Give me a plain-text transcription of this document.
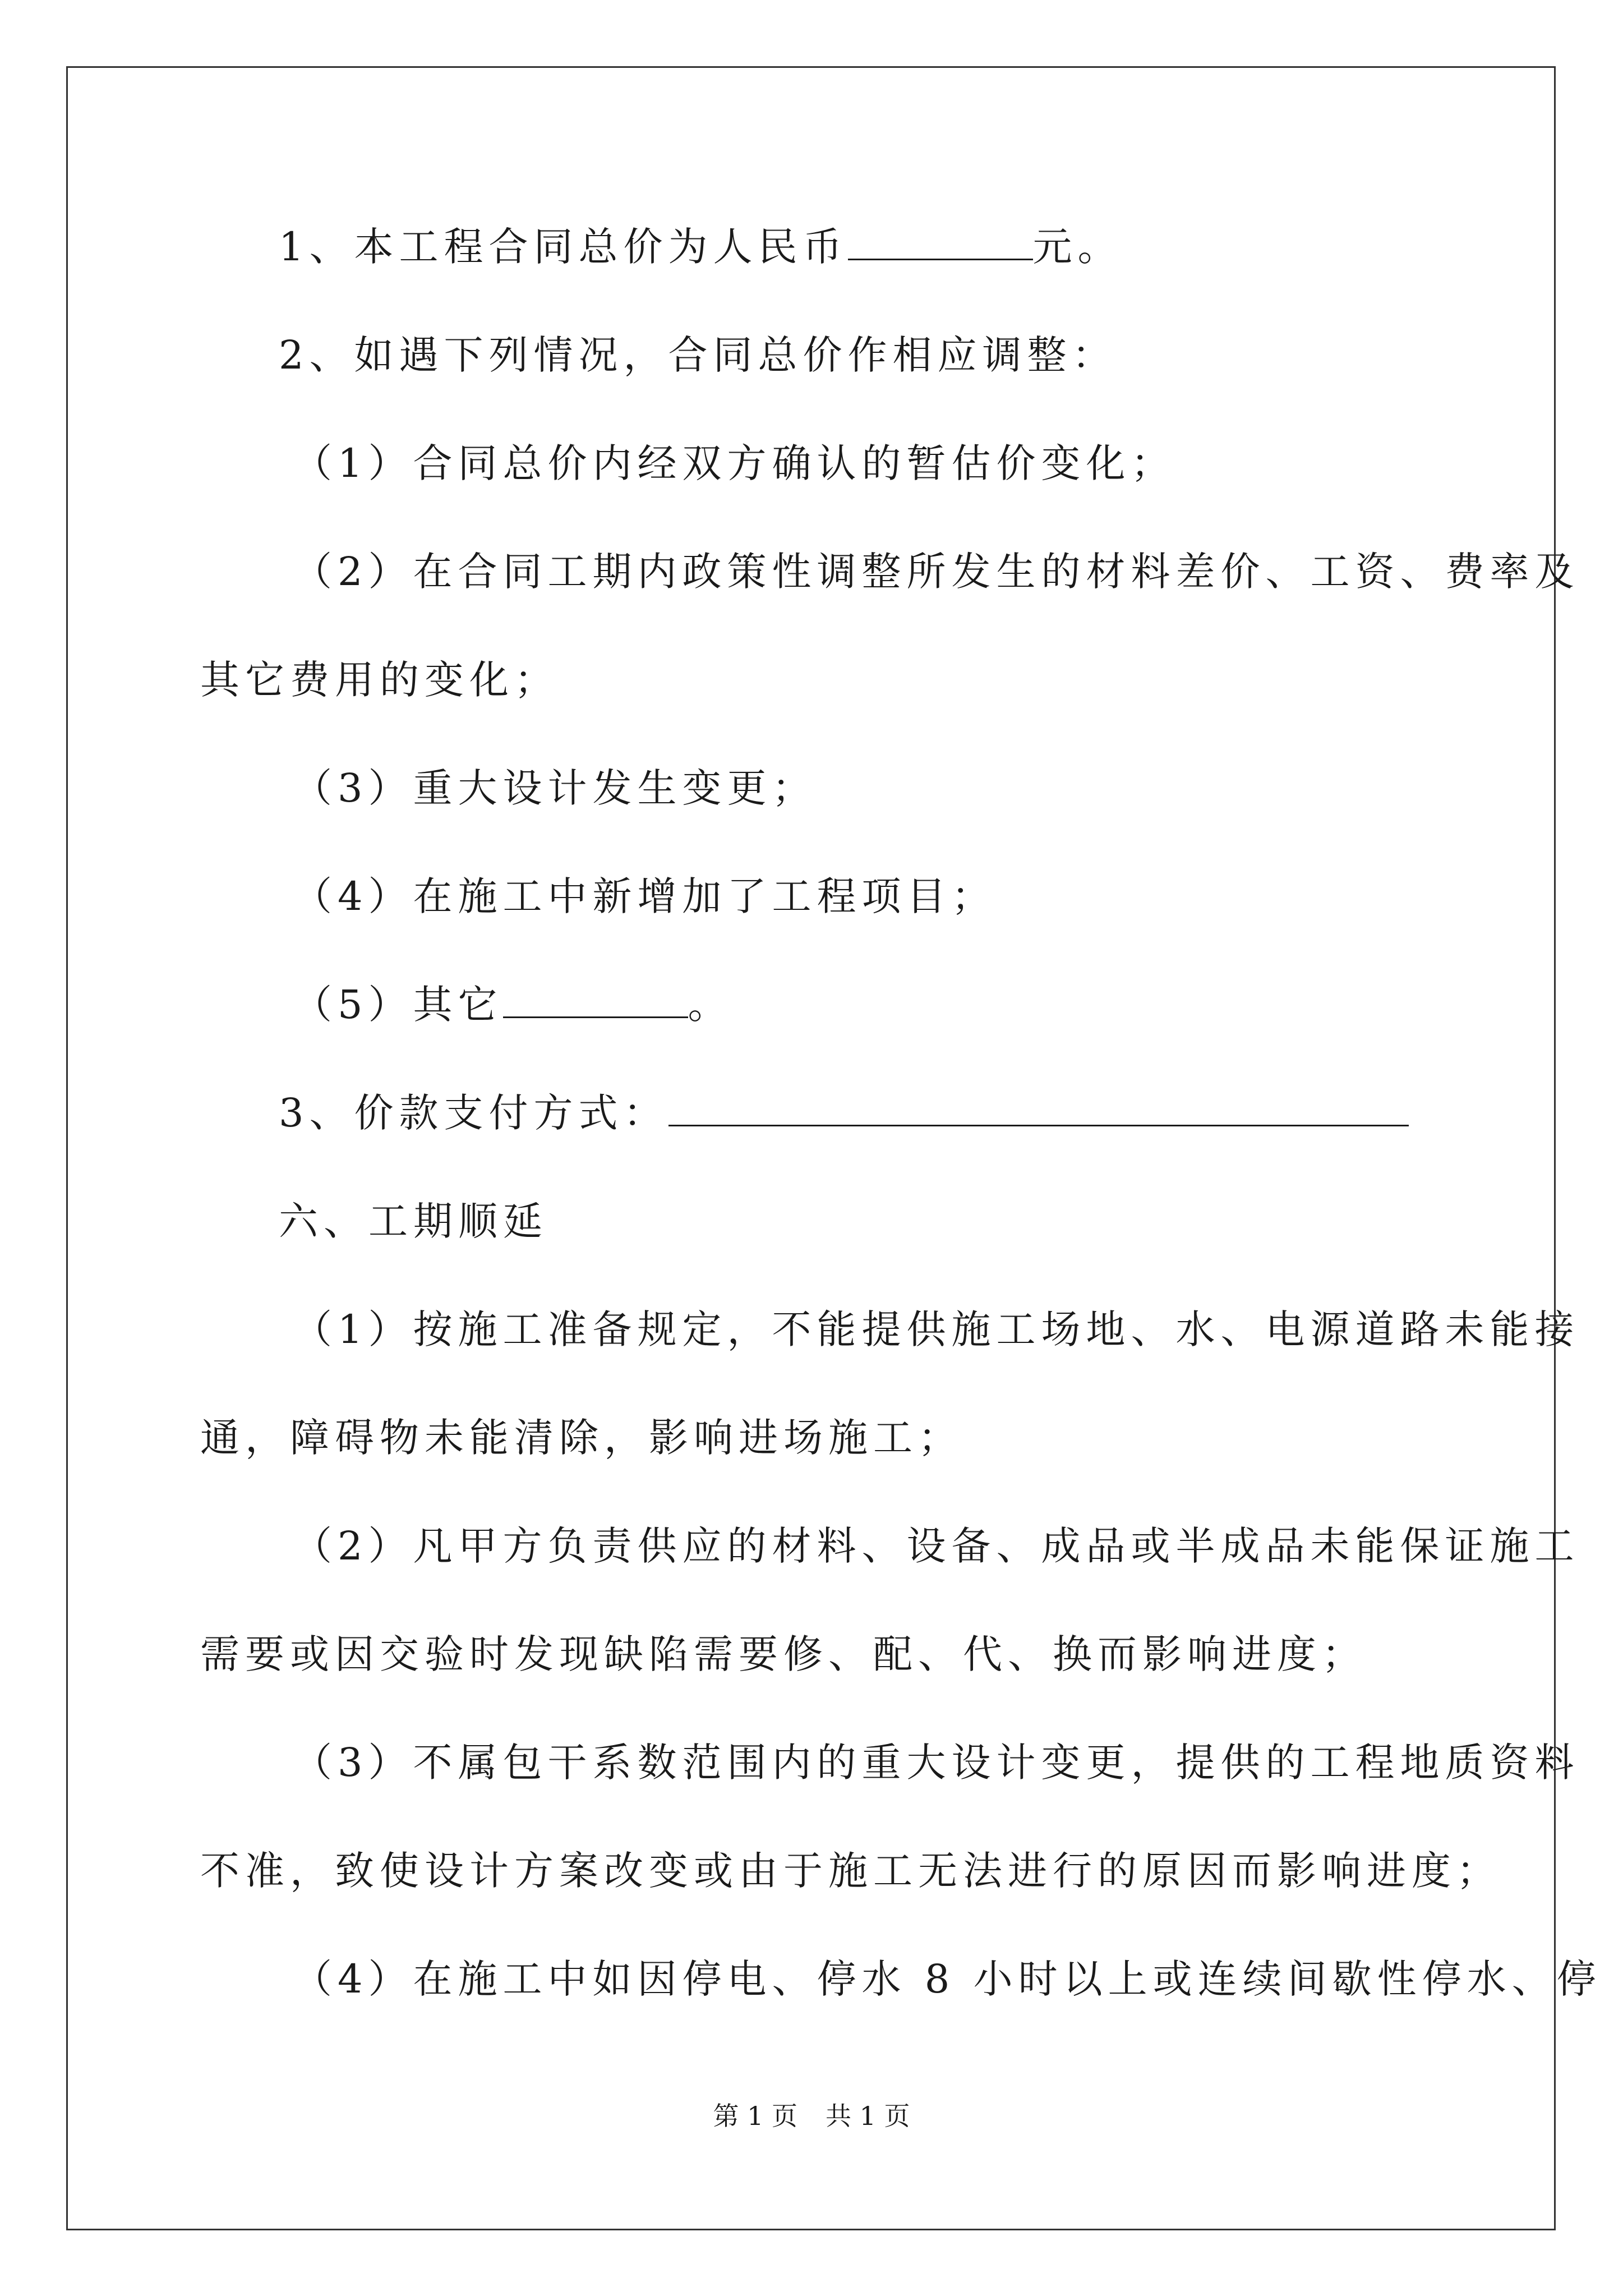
1、本工程合同总价为人民币	元。
2、如遇下列情况，合同总价作相应调整：
（1）合同总价内经双方确认的暂估价变化；
（2）在合同工期内政策性调整所发生的材料差价、工资、费率及
其它费用的变化；
（3）重大设计发生变更；
（4）在施工中新增加了工程项目；
（5）其它	。
3、价款支付方式：
六、工期顺延
（1）按施工准备规定，不能提供施工场地、水、电源道路未能接
通，障碍物未能清除，影响进场施工；
（2）凡甲方负责供应的材料、设备、成品或半成品未能保证施工
需要或因交验时发现缺陷需要修、配、代、换而影响进度；
（3）不属包干系数范围内的重大设计变更，提供的工程地质资料
不准，致使设计方案改变或由于施工无法进行的原因而影响进度；
（4）在施工中如因停电、停水 8 小时以上或连续间歇性停水、停
第 1 页 共 1 页
